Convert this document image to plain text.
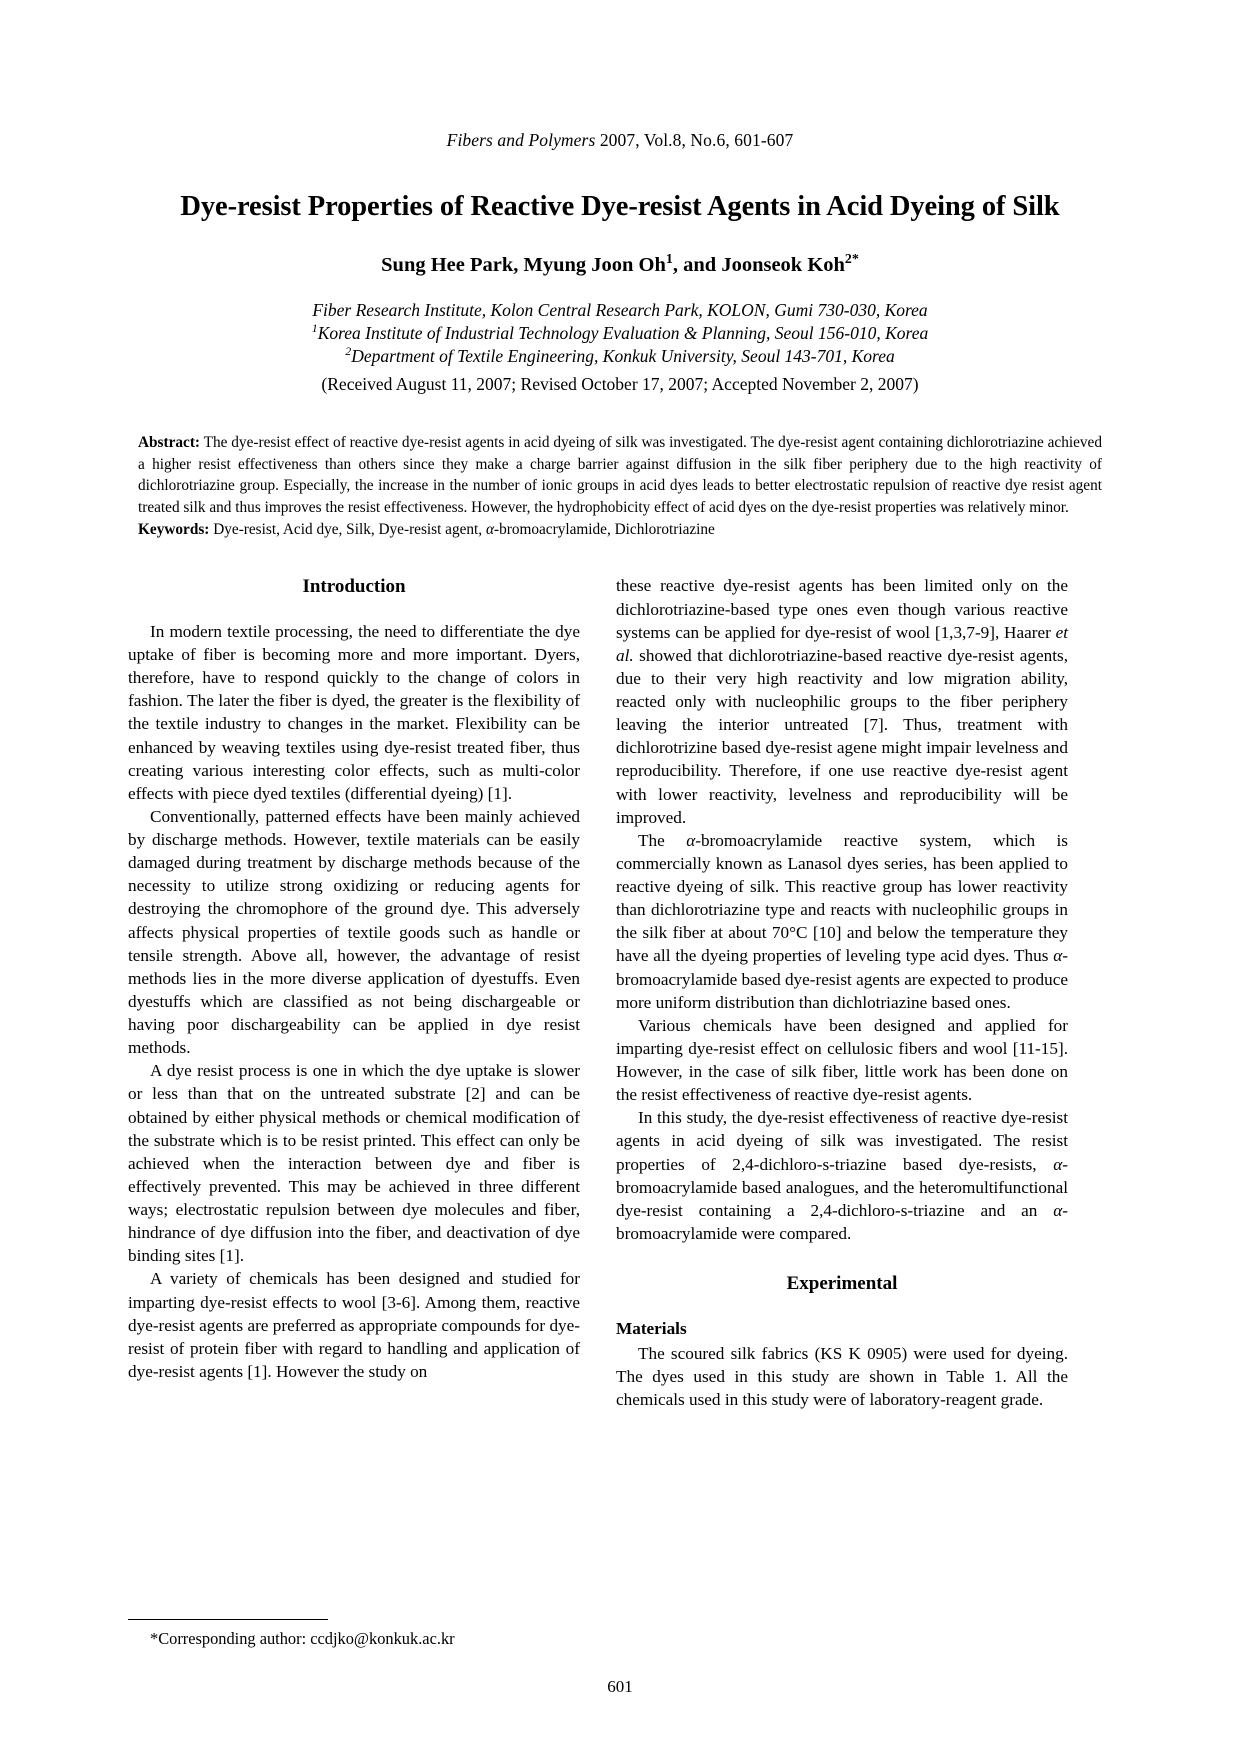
Fibers and Polymers 2007, Vol.8, No.6, 601-607
Dye-resist Properties of Reactive Dye-resist Agents in Acid Dyeing of Silk
Sung Hee Park, Myung Joon Oh$^1$, and Joonseok Koh$^{2*}$
Fiber Research Institute, Kolon Central Research Park, KOLON, Gumi 730-030, Korea
$^1$Korea Institute of Industrial Technology Evaluation & Planning, Seoul 156-010, Korea
$^2$Department of Textile Engineering, Konkuk University, Seoul 143-701, Korea
(Received August 11, 2007; Revised October 17, 2007; Accepted November 2, 2007)

Abstract: The dye-resist effect of reactive dye-resist agents in acid dyeing of silk was investigated. The dye-resist agent containing dichlorotriazine achieved a higher resist effectiveness than others since they make a charge barrier against diffusion in the silk fiber periphery due to the high reactivity of dichlorotriazine group. Especially, the increase in the number of ionic groups in acid dyes leads to better electrostatic repulsion of reactive dye resist agent treated silk and thus improves the resist effectiveness. However, the hydrophobicity effect of acid dyes on the dye-resist properties was relatively minor.

Keywords: Dye-resist, Acid dye, Silk, Dye-resist agent, α-bromoacrylamide, Dichlorotriazine

Introduction

In modern textile processing, the need to differentiate the dye uptake of fiber is becoming more and more important. Dyers, therefore, have to respond quickly to the change of colors in fashion. The later the fiber is dyed, the greater is the flexibility of the textile industry to changes in the market. Flexibility can be enhanced by weaving textiles using dye-resist treated fiber, thus creating various interesting color effects, such as multi-color effects with piece dyed textiles (differential dyeing) [1].

Conventionally, patterned effects have been mainly achieved by discharge methods. However, textile materials can be easily damaged during treatment by discharge methods because of the necessity to utilize strong oxidizing or reducing agents for destroying the chromophore of the ground dye. This adversely affects physical properties of textile goods such as handle or tensile strength. Above all, however, the advantage of resist methods lies in the more diverse application of dyestuffs. Even dyestuffs which are classified as not being dischargeable or having poor dischargeability can be applied in dye resist methods.

A dye resist process is one in which the dye uptake is slower or less than that on the untreated substrate [2] and can be obtained by either physical methods or chemical modification of the substrate which is to be resist printed. This effect can only be achieved when the interaction between dye and fiber is effectively prevented. This may be achieved in three different ways; electrostatic repulsion between dye molecules and fiber, hindrance of dye diffusion into the fiber, and deactivation of dye binding sites [1].

A variety of chemicals has been designed and studied for imparting dye-resist effects to wool [3-6]. Among them, reactive dye-resist agents are preferred as appropriate compounds for dye-resist of protein fiber with regard to handling and application of dye-resist agents [1]. However the study on

*Corresponding author: ccdjko@konkuk.ac.kr

these reactive dye-resist agents has been limited only on the dichlorotriazine-based type ones even though various reactive systems can be applied for dye-resist of wool [1,3,7-9], Haarer et al. showed that dichlorotriazine-based reactive dye-resist agents, due to their very high reactivity and low migration ability, reacted only with nucleophilic groups to the fiber periphery leaving the interior untreated [7]. Thus, treatment with dichlorotrizine based dye-resist agene might impair levelness and reproducibility. Therefore, if one use reactive dye-resist agent with lower reactivity, levelness and reproducibility will be improved.

The α-bromoacrylamide reactive system, which is commercially known as Lanasol dyes series, has been applied to reactive dyeing of silk. This reactive group has lower reactivity than dichlorotriazine type and reacts with nucleophilic groups in the silk fiber at about 70°C [10] and below the temperature they have all the dyeing properties of leveling type acid dyes. Thus α-bromoacrylamide based dye-resist agents are expected to produce more uniform distribution than dichlotriazine based ones.

Various chemicals have been designed and applied for imparting dye-resist effect on cellulosic fibers and wool [11-15]. However, in the case of silk fiber, little work has been done on the resist effectiveness of reactive dye-resist agents.

In this study, the dye-resist effectiveness of reactive dye-resist agents in acid dyeing of silk was investigated. The resist properties of 2,4-dichloro-s-triazine based dye-resists, α-bromoacrylamide based analogues, and the heteromultifunctional dye-resist containing a 2,4-dichloro-s-triazine and an α-bromoacrylamide were compared.

Experimental
Materials

The scoured silk fabrics (KS K 0905) were used for dyeing. The dyes used in this study are shown in Table 1. All the chemicals used in this study were of laboratory-reagent grade.

601
